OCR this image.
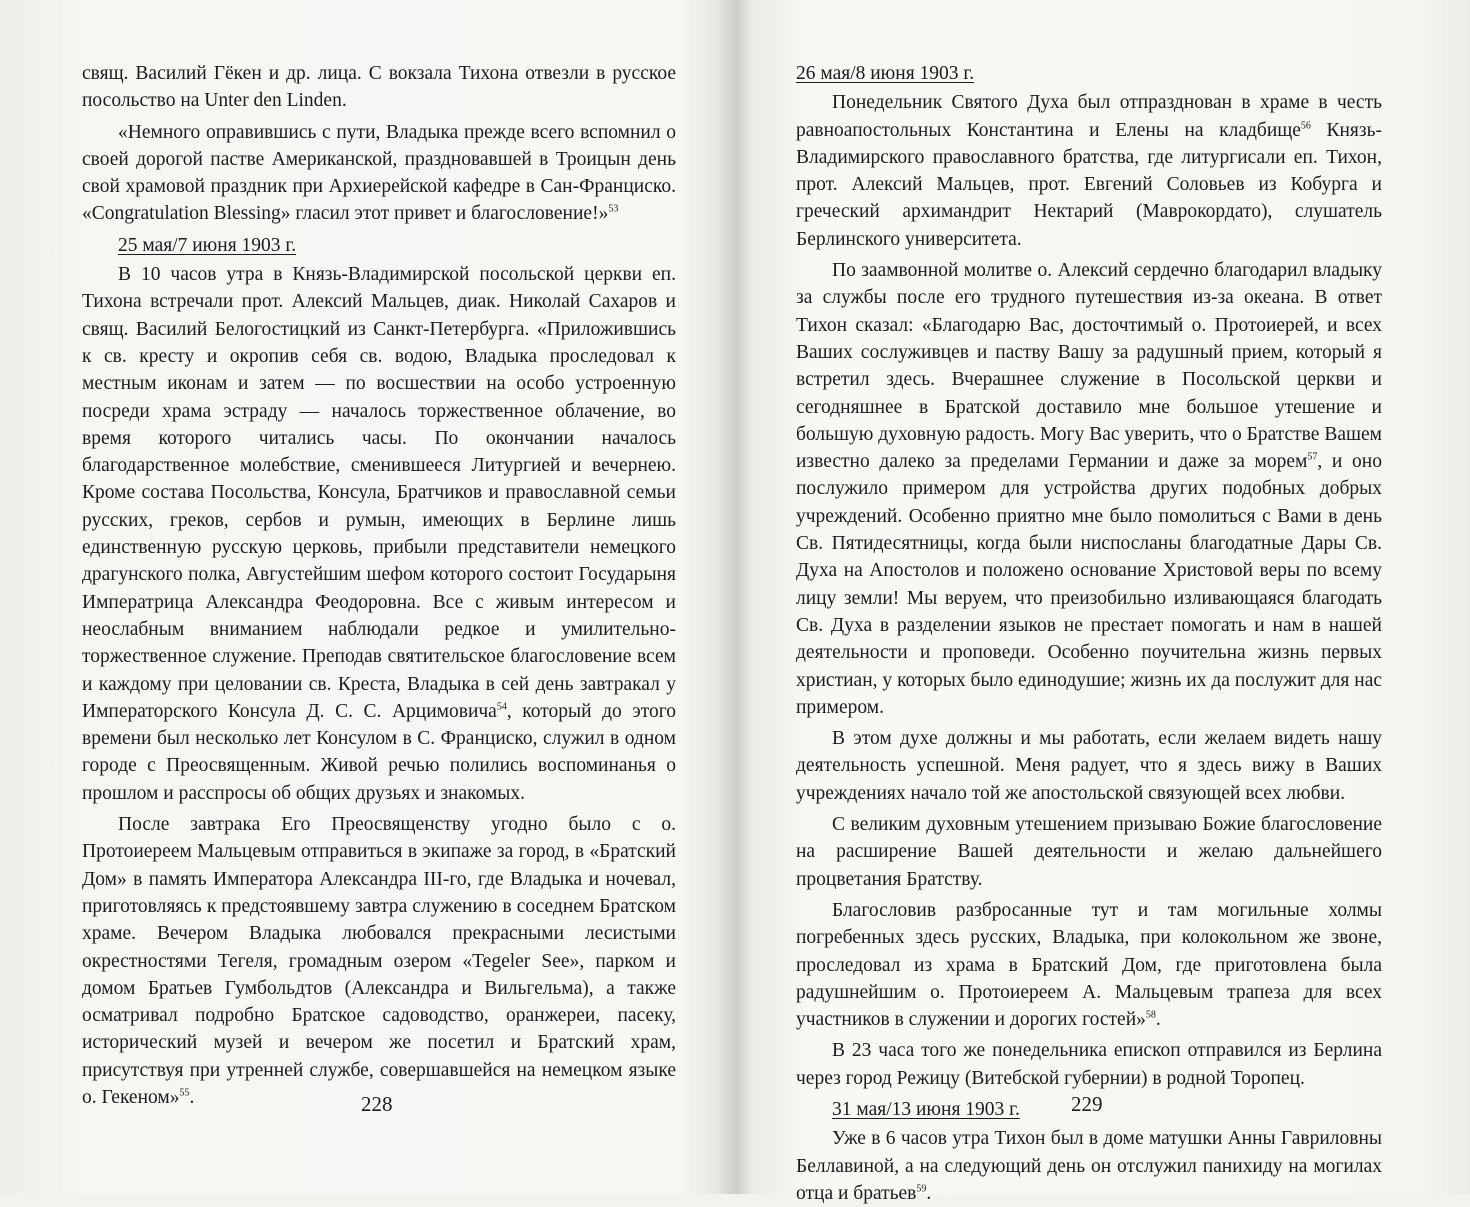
свящ. Василий Гёкен и др. лица. С вокзала Тихона отвезли в русское посольство на Unter den Linden.

«Немного оправившись с пути, Владыка прежде всего вспомнил о своей дорогой пастве Американской, праздновавшей в Троицын день свой храмовой праздник при Архиерейской кафедре в Сан-Франциско. «Congratulation Blessing» гласил этот привет и благословение!»$^{53}$

25 мая/7 июня 1903 г.

В 10 часов утра в Князь-Владимирской посольской церкви еп. Тихона встречали прот. Алексий Мальцев, диак. Николай Сахаров и свящ. Василий Белогостицкий из Санкт-Петербурга. «Приложившись к св. кресту и окропив себя св. водою, Владыка проследовал к местным иконам и затем — по восшествии на особо устроенную посреди храма эстраду — началось торжественное облачение, во время которого читались часы. По окончании началось благодарственное молебствие, сменившееся Литургией и вечернею. Кроме состава Посольства, Консула, Братчиков и православной семьи русских, греков, сербов и румын, имеющих в Берлине лишь единственную русскую церковь, прибыли представители немецкого драгунского полка, Августейшим шефом которого состоит Государыня Императрица Александра Феодоровна. Все с живым интересом и неослабным вниманием наблюдали редкое и умилительно-торжественное служение. Преподав святительское благословение всем и каждому при целовании св. Креста, Владыка в сей день завтракал у Императорского Консула Д. С. С. Арцимовича$^{54}$, который до этого времени был несколько лет Консулом в С. Франциско, служил в одном городе с Преосвященным. Живой речью полились воспоминанья о прошлом и расспросы об общих друзьях и знакомых.

После завтрака Его Преосвященству угодно было с о. Протоиереем Мальцевым отправиться в экипаже за город, в «Братский Дом» в память Императора Александра III-го, где Владыка и ночевал, приготовляясь к предстоявшему завтра служению в соседнем Братском храме. Вечером Владыка любовался прекрасными лесистыми окрестностями Тегеля, громадным озером «Tegeler See», парком и домом Братьев Гумбольдтов (Александра и Вильгельма), а также осматривал подробно Братское садоводство, оранжереи, пасеку, исторический музей и вечером же посетил и Братский храм, присутствуя при утренней службе, совершавшейся на немецком языке о. Гекеном»$^{55}$.	228
26 мая/8 июня 1903 г.

Понедельник Святого Духа был отпразднован в храме в честь равноапостольных Константина и Елены на кладбище$^{56}$ Князь-Владимирского православного братства, где литургисали еп. Тихон, прот. Алексий Мальцев, прот. Евгений Соловьев из Кобурга и греческий архимандрит Нектарий (Маврокордато), слушатель Берлинского университета.

По заамвонной молитве о. Алексий сердечно благодарил владыку за службы после его трудного путешествия из-за океана. В ответ Тихон сказал: «Благодарю Вас, досточтимый о. Протоиерей, и всех Ваших сослуживцев и паству Вашу за радушный прием, который я встретил здесь. Вчерашнее служение в Посольской церкви и сегодняшнее в Братской доставило мне большое утешение и большую духовную радость. Могу Вас уверить, что о Братстве Вашем известно далеко за пределами Германии и даже за морем$^{57}$, и оно послужило примером для устройства других подобных добрых учреждений. Особенно приятно мне было помолиться с Вами в день Св. Пятидесятницы, когда были ниспосланы благодатные Дары Св. Духа на Апостолов и положено основание Христовой веры по всему лицу земли! Мы веруем, что преизобильно изливающаяся благодать Св. Духа в разделении языков не престает помогать и нам в нашей деятельности и проповеди. Особенно поучительна жизнь первых христиан, у которых было единодушие; жизнь их да послужит для нас примером.

В этом духе должны и мы работать, если желаем видеть нашу деятельность успешной. Меня радует, что я здесь вижу в Ваших учреждениях начало той же апостольской связующей всех любви.

С великим духовным утешением призываю Божие благословение на расширение Вашей деятельности и желаю дальнейшего процветания Братству.

Благословив разбросанные тут и там могильные холмы погребенных здесь русских, Владыка, при колокольном же звоне, проследовал из храма в Братский Дом, где приготовлена была радушнейшим о. Протоиереем А. Мальцевым трапеза для всех участников в служении и дорогих гостей»$^{58}$.

В 23 часа того же понедельника епископ отправился из Берлина через город Режицу (Витебской губернии) в родной Торопец.

31 мая/13 июня 1903 г.

Уже в 6 часов утра Тихон был в доме матушки Анны Гавриловны Беллавиной, а на следующий день он отслужил панихиду на могилах отца и братьев$^{59}$.

229
